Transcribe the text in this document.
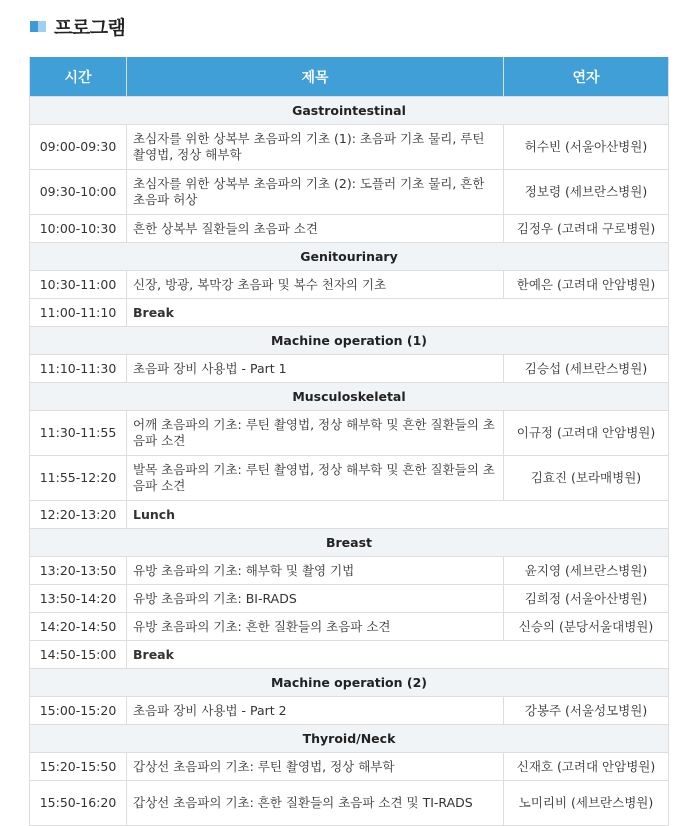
프로그램
시간	제목	연자
Gastrointestinal		
09:00-09:30	초심자를 위한 상복부 초음파의 기초 (1): 초음파 기초 물리, 루틴 촬영법, 정상 해부학	허수빈 (서울아산병원)
09:30-10:00	초심자를 위한 상복부 초음파의 기초 (2): 도플러 기초 물리, 흔한 초음파 허상	정보령 (세브란스병원)
10:00-10:30	흔한 상복부 질환들의 초음파 소견	김정우 (고려대 구로병원)
Genitourinary		
10:30-11:00	신장, 방광, 복막강 초음파 및 복수 천자의 기초	한예은 (고려대 안암병원)
11:00-11:10	Break	
Machine operation (1)		
11:10-11:30	초음파 장비 사용법 - Part 1	김승섭 (세브란스병원)
Musculoskeletal		
11:30-11:55	어깨 초음파의 기초: 루틴 촬영법, 정상 해부학 및 흔한 질환들의 초음파 소견	이규정 (고려대 안암병원)
11:55-12:20	발목 초음파의 기초: 루틴 촬영법, 정상 해부학 및 흔한 질환들의 초음파 소견	김효진 (보라매병원)
12:20-13:20	Lunch	
Breast		
13:20-13:50	유방 초음파의 기초: 해부학 및 촬영 기법	윤지영 (세브란스병원)
13:50-14:20	유방 초음파의 기초: BI-RADS	김희정 (서울아산병원)
14:20-14:50	유방 초음파의 기초: 흔한 질환들의 초음파 소견	신승의 (분당서울대병원)
14:50-15:00	Break	
Machine operation (2)		
15:00-15:20	초음파 장비 사용법 - Part 2	강봉주 (서울성모병원)
Thyroid/Neck		
15:20-15:50	갑상선 초음파의 기초: 루틴 촬영법, 정상 해부학	신재호 (고려대 안암병원)
15:50-16:20	갑상선 초음파의 기초: 흔한 질환들의 초음파 소견 및 TI-RADS	노미리비 (세브란스병원)
